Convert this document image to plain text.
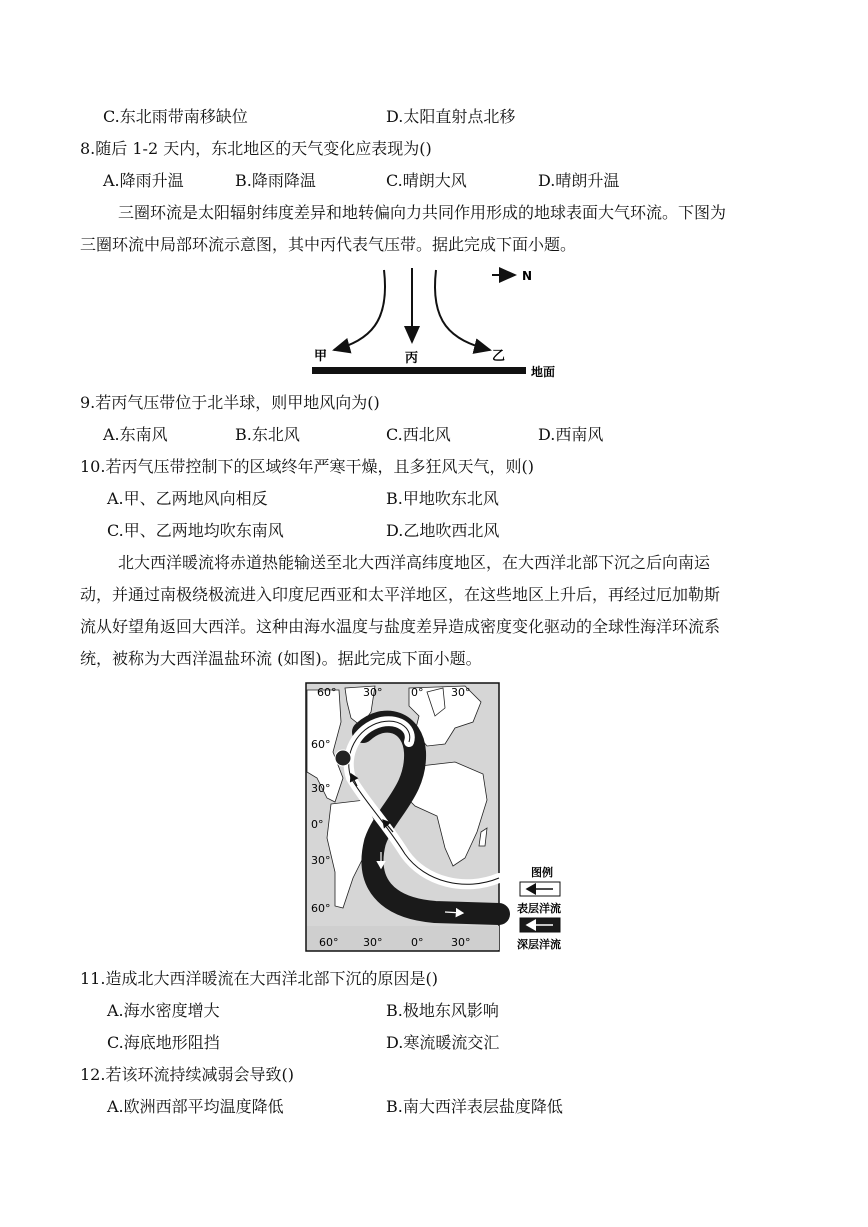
C.东北雨带南移缺位	D.太阳直射点北移
8.随后 1-2 天内，东北地区的天气变化应表现为()
A.降雨升温	B.降雨降温	C.晴朗大风	D.晴朗升温
三圈环流是太阳辐射纬度差异和地转偏向力共同作用形成的地球表面大气环流。下图为
三圈环流中局部环流示意图，其中丙代表气压带。据此完成下面小题。
N
甲	丙	乙
地面
9.若丙气压带位于北半球，则甲地风向为()
A.东南风	B.东北风	C.西北风	D.西南风
10.若丙气压带控制下的区域终年严寒干燥，且多狂风天气，则()
A.甲、乙两地风向相反	B.甲地吹东北风
C.甲、乙两地均吹东南风	D.乙地吹西北风
北大西洋暖流将赤道热能输送至北大西洋高纬度地区，在大西洋北部下沉之后向南运
动，并通过南极绕极流进入印度尼西亚和太平洋地区，在这些地区上升后，再经过厄加勒斯
流从好望角返回大西洋。这种由海水温度与盐度差异造成密度变化驱动的全球性海洋环流系
统，被称为大西洋温盐环流 (如图)。据此完成下面小题。
60° 30°	0°	30°
60°
30°
0°
30°
60°
60° 30°	0°	30°
图例
表层洋流
深层洋流
11.造成北大西洋暖流在大西洋北部下沉的原因是()
A.海水密度增大	B.极地东风影响
C.海底地形阻挡	D.寒流暖流交汇
12.若该环流持续减弱会导致()
A.欧洲西部平均温度降低	B.南大西洋表层盐度降低
